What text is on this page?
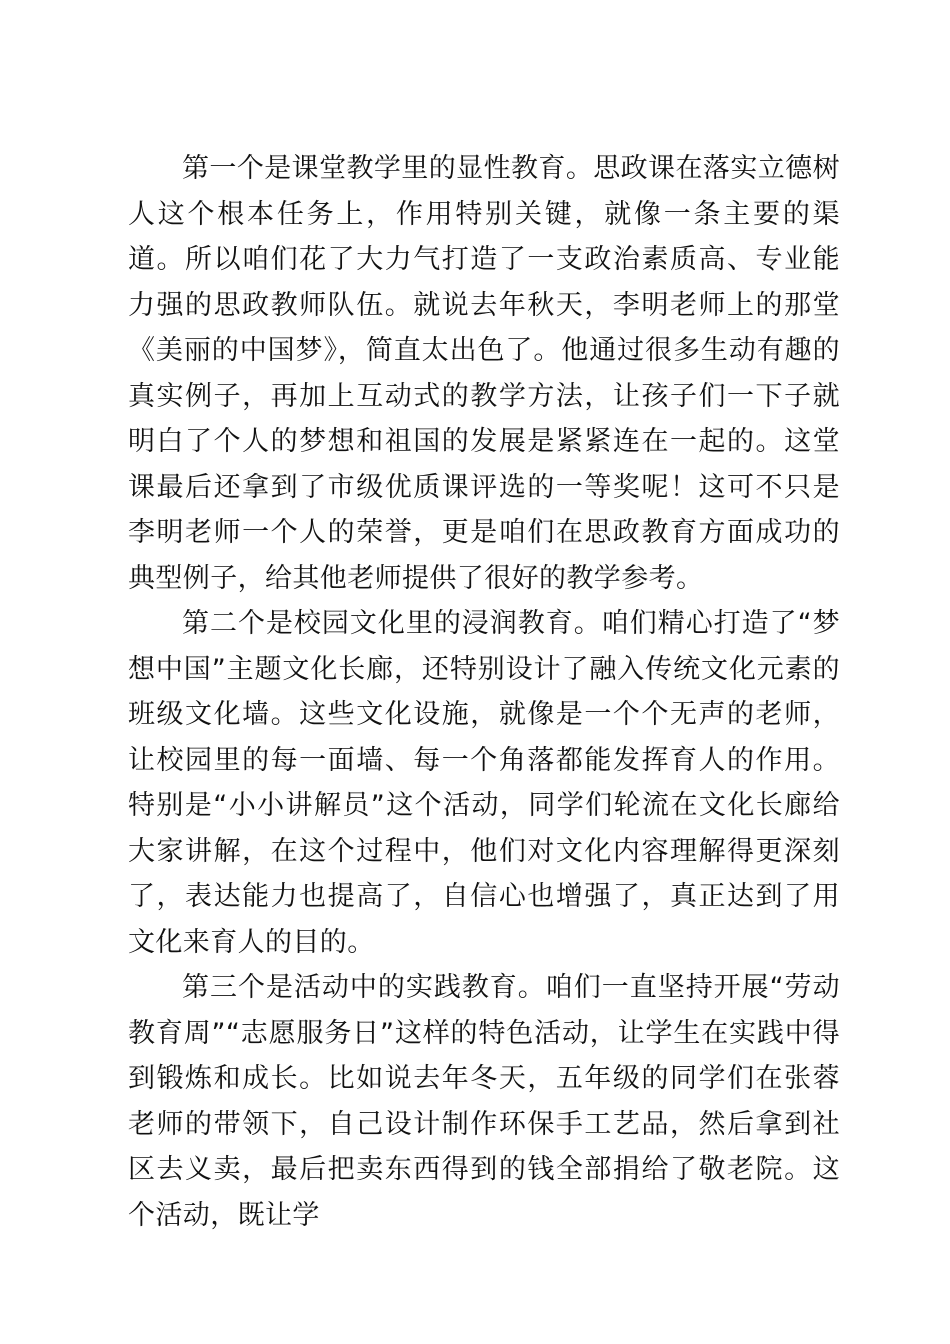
第一个是课堂教学里的显性教育。思政课在落实立德树人这个根本任务上，作用特别关键，就像一条主要的渠道。所以咱们花了大力气打造了一支政治素质高、专业能力强的思政教师队伍。就说去年秋天，李明老师上的那堂《美丽的中国梦》，简直太出色了。他通过很多生动有趣的真实例子，再加上互动式的教学方法，让孩子们一下子就明白了个人的梦想和祖国的发展是紧紧连在一起的。这堂课最后还拿到了市级优质课评选的一等奖呢！这可不只是李明老师一个人的荣誉，更是咱们在思政教育方面成功的典型例子，给其他老师提供了很好的教学参考。

第二个是校园文化里的浸润教育。咱们精心打造了“梦想中国”主题文化长廊，还特别设计了融入传统文化元素的班级文化墙。这些文化设施，就像是一个个无声的老师，让校园里的每一面墙、每一个角落都能发挥育人的作用。特别是“小小讲解员”这个活动，同学们轮流在文化长廊给大家讲解，在这个过程中，他们对文化内容理解得更深刻了，表达能力也提高了，自信心也增强了，真正达到了用文化来育人的目的。

第三个是活动中的实践教育。咱们一直坚持开展“劳动教育周”“志愿服务日”这样的特色活动，让学生在实践中得到锻炼和成长。比如说去年冬天，五年级的同学们在张蓉老师的带领下，自己设计制作环保手工艺品，然后拿到社区去义卖，最后把卖东西得到的钱全部捐给了敬老院。这个活动，既让学
